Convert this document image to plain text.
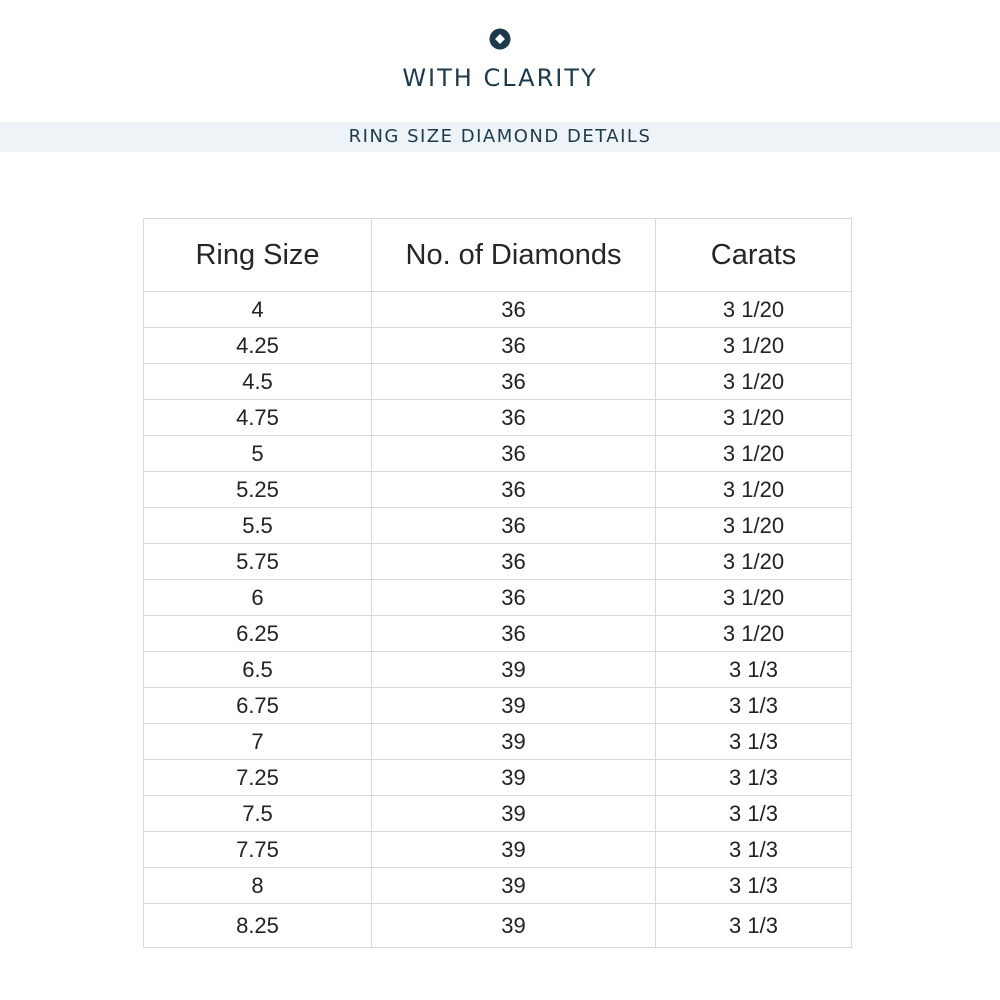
WITH CLARITY
RING SIZE DIAMOND DETAILS
Ring Size	No. of Diamonds	Carats
4	36	3 1/20
4.25	36	3 1/20
4.5	36	3 1/20
4.75	36	3 1/20
5	36	3 1/20
5.25	36	3 1/20
5.5	36	3 1/20
5.75	36	3 1/20
6	36	3 1/20
6.25	36	3 1/20
6.5	39	3 1/3
6.75	39	3 1/3
7	39	3 1/3
7.25	39	3 1/3
7.5	39	3 1/3
7.75	39	3 1/3
8	39	3 1/3
8.25	39	3 1/3
